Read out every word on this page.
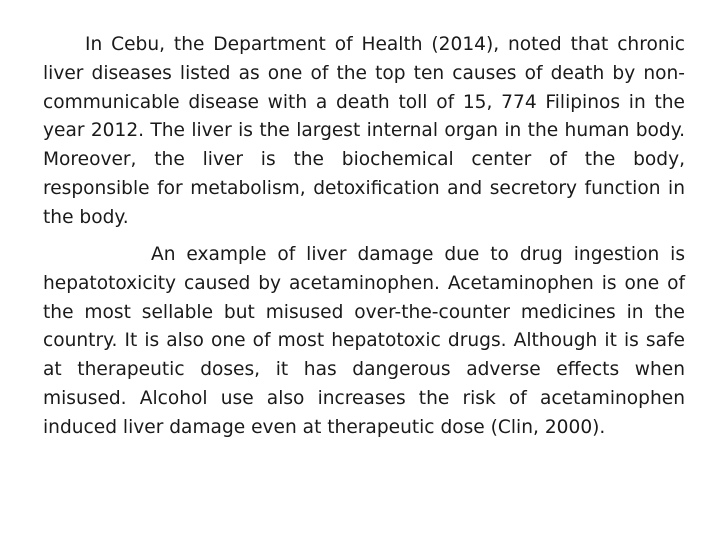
In Cebu, the Department of Health (2014), noted that chronic liver diseases listed as one of the top ten causes of death by non-communicable disease with a death toll of 15, 774 Filipinos in the year 2012. The liver is the largest internal organ in the human body. Moreover, the liver is the biochemical center of the body, responsible for metabolism, detoxification and secretory function in the body.

An example of liver damage due to drug ingestion is hepatotoxicity caused by acetaminophen. Acetaminophen is one of the most sellable but misused over-the-counter medicines in the country. It is also one of most hepatotoxic drugs. Although it is safe at therapeutic doses, it has dangerous adverse effects when misused. Alcohol use also increases the risk of acetaminophen induced liver damage even at therapeutic dose (Clin, 2000).
